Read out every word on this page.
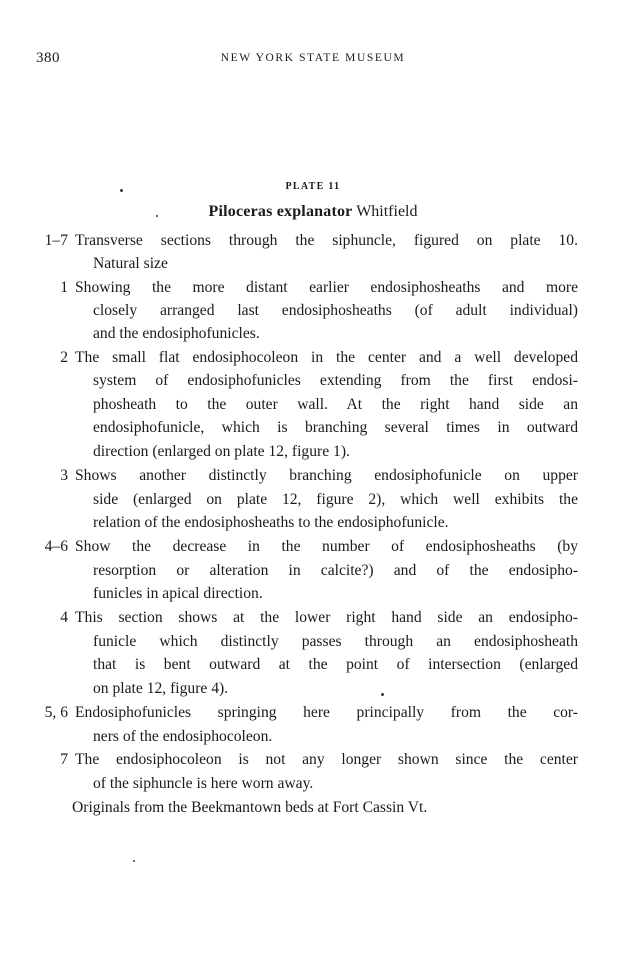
380	NEW YORK STATE MUSEUM
PLATE 11
Piloceras explanator Whitfield
1–7 Transverse sections through the siphuncle, figured on plate 10.
Natural size
1 Showing the more distant earlier endosiphosheaths and more
closely arranged last endosiphosheaths (of adult individual)
and the endosiphofunicles.
2 The small flat endosiphocoleon in the center and a well developed
system of endosiphofunicles extending from the first endosi-
phosheath to the outer wall. At the right hand side an
endosiphofunicle, which is branching several times in outward
direction (enlarged on plate 12, figure 1).
3 Shows another distinctly branching endosiphofunicle on upper
side (enlarged on plate 12, figure 2), which well exhibits the
relation of the endosiphosheaths to the endosiphofunicle.
4–6 Show the decrease in the number of endosiphosheaths (by
resorption or alteration in calcite?) and of the endosipho-
funicles in apical direction.
4 This section shows at the lower right hand side an endosipho-
funicle which distinctly passes through an endosiphosheath
that is bent outward at the point of intersection (enlarged
on plate 12, figure 4).
5, 6 Endosiphofunicles springing here principally from the cor-
ners of the endosiphocoleon.
7 The endosiphocoleon is not any longer shown since the center
of the siphuncle is here worn away.
Originals from the Beekmantown beds at Fort Cassin Vt.
